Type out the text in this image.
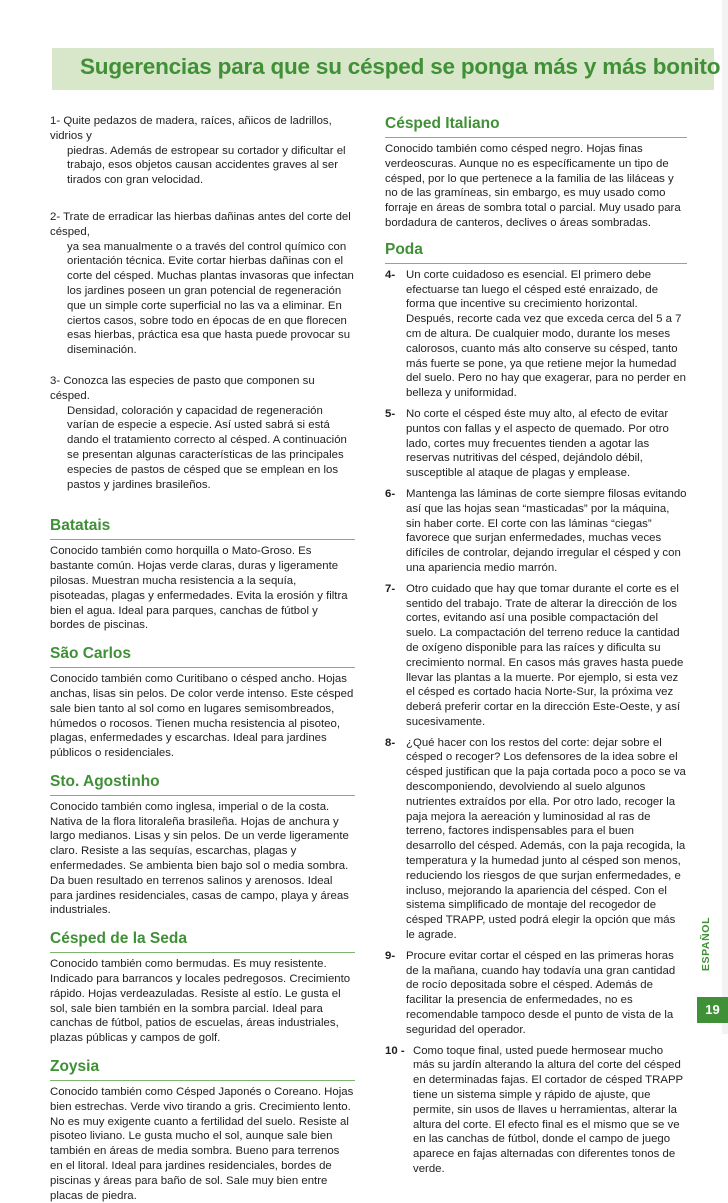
Sugerencias para que su césped se ponga más y más bonito
1- Quite pedazos de madera, raíces, añicos de ladrillos, vidrios y
piedras. Además de estropear su cortador y dificultar el trabajo, esos objetos causan accidentes graves al ser tirados con gran velocidad.
2- Trate de erradicar las hierbas dañinas antes del corte del césped,
ya sea manualmente o a través del control químico con orientación técnica. Evite cortar hierbas dañinas con el corte del césped. Muchas plantas invasoras que infectan los jardines poseen un gran potencial de regeneración que un simple corte superficial no las va a eliminar. En ciertos casos, sobre todo en épocas de en que florecen esas hierbas, práctica esa que hasta puede provocar su diseminación.
3- Conozca las especies de pasto que componen su césped.
Densidad, coloración y capacidad de regeneración varían de especie a especie. Así usted sabrá si está dando el tratamiento correcto al césped. A continuación se presentan algunas características de las principales especies de pastos de césped que se emplean en los pastos y jardines brasileños.
Batatais
Conocido también como horquilla o Mato-Groso. Es bastante común. Hojas verde claras, duras y ligeramente pilosas. Muestran mucha resistencia a la sequía, pisoteadas, plagas y enfermedades. Evita la erosión y filtra bien el agua. Ideal para parques, canchas de fútbol y bordes de piscinas.
São Carlos
Conocido también como Curitibano o césped ancho. Hojas anchas, lisas sin pelos. De color verde intenso. Este césped sale bien tanto al sol como en lugares semisombreados, húmedos o rocosos. Tienen mucha resistencia al pisoteo, plagas, enfermedades y escarchas. Ideal para jardines públicos o residenciales.
Sto. Agostinho
Conocido también como inglesa, imperial o de la costa. Nativa de la flora litoraleña brasileña. Hojas de anchura y largo medianos. Lisas y sin pelos. De un verde ligeramente claro. Resiste a las sequías, escarchas, plagas y enfermedades. Se ambienta bien bajo sol o media sombra. Da buen resultado en terrenos salinos y arenosos. Ideal para jardines residenciales, casas de campo, playa y áreas industriales.
Césped de la Seda
Conocido también como bermudas. Es muy resistente. Indicado para barrancos y locales pedregosos. Crecimiento rápido. Hojas verdeazuladas. Resiste al estío. Le gusta el sol, sale bien también en la sombra parcial. Ideal para canchas de fútbol, patios de escuelas, áreas industriales, plazas públicas y campos de golf.
Zoysia
Conocido también como Césped Japonés o Coreano. Hojas bien estrechas. Verde vivo tirando a gris. Crecimiento lento. No es muy exigente cuanto a fertilidad del suelo. Resiste al pisoteo liviano. Le gusta mucho el sol, aunque sale bien también en áreas de media sombra. Bueno para terrenos en el litoral. Ideal para jardines residenciales, bordes de piscinas y áreas para baño de sol. Sale muy bien entre placas de piedra.
Césped Italiano
Conocido también como césped negro. Hojas finas verdeoscuras. Aunque no es específicamente un tipo de césped, por lo que pertenece a la familia de las liláceas y no de las gramíneas, sin embargo, es muy usado como forraje en áreas de sombra total o parcial. Muy usado para bordadura de canteros, declives o áreas sombradas.
Poda
4- Un corte cuidadoso es esencial. El primero debe efectuarse tan luego el césped esté enraizado, de forma que incentive su crecimiento horizontal. Después, recorte cada vez que exceda cerca del 5 a 7 cm de altura. De cualquier modo, durante los meses calorosos, cuanto más alto conserve su césped, tanto más fuerte se pone, ya que retiene mejor la humedad del suelo. Pero no hay que exagerar, para no perder en belleza y uniformidad.
5- No corte el césped éste muy alto, al efecto de evitar puntos con fallas y el aspecto de quemado. Por otro lado, cortes muy frecuentes tienden a agotar las reservas nutritivas del césped, dejándolo débil, susceptible al ataque de plagas y emplease.
6- Mantenga las láminas de corte siempre filosas evitando así que las hojas sean “masticadas” por la máquina, sin haber corte. El corte con las láminas “ciegas” favorece que surjan enfermedades, muchas veces difíciles de controlar, dejando irregular el césped y con una apariencia medio marrón.
7- Otro cuidado que hay que tomar durante el corte es el sentido del trabajo. Trate de alterar la dirección de los cortes, evitando así una posible compactación del suelo. La compactación del terreno reduce la cantidad de oxígeno disponible para las raíces y dificulta su crecimiento normal. En casos más graves hasta puede llevar las plantas a la muerte. Por ejemplo, si esta vez el césped es cortado hacia Norte-Sur, la próxima vez deberá preferir cortar en la dirección Este-Oeste, y así sucesivamente.
8- ¿Qué hacer con los restos del corte: dejar sobre el césped o recoger? Los defensores de la idea sobre el césped justifican que la paja cortada poco a poco se va descomponiendo, devolviendo al suelo algunos nutrientes extraídos por ella. Por otro lado, recoger la paja mejora la aereación y luminosidad al ras de terreno, factores indispensables para el buen desarrollo del césped. Además, con la paja recogida, la temperatura y la humedad junto al césped son menos, reduciendo los riesgos de que surjan enfermedades, e incluso, mejorando la apariencia del césped. Con el sistema simplificado de montaje del recogedor de césped TRAPP, usted podrá elegir la opción que más le agrade.
9- Procure evitar cortar el césped en las primeras horas de la mañana, cuando hay todavía una gran cantidad de rocío depositada sobre el césped. Además de facilitar la presencia de enfermedades, no es recomendable tampoco desde el punto de vista de la seguridad del operador.
10 - Como toque final, usted puede hermosear mucho más su jardín alterando la altura del corte del césped en determinadas fajas. El cortador de césped TRAPP tiene un sistema simple y rápido de ajuste, que permite, sin usos de llaves u herramientas, alterar la altura del corte. El efecto final es el mismo que se ve en las canchas de fútbol, donde el campo de juego aparece en fajas alternadas con diferentes tonos de verde.
ESPAÑOL
19
